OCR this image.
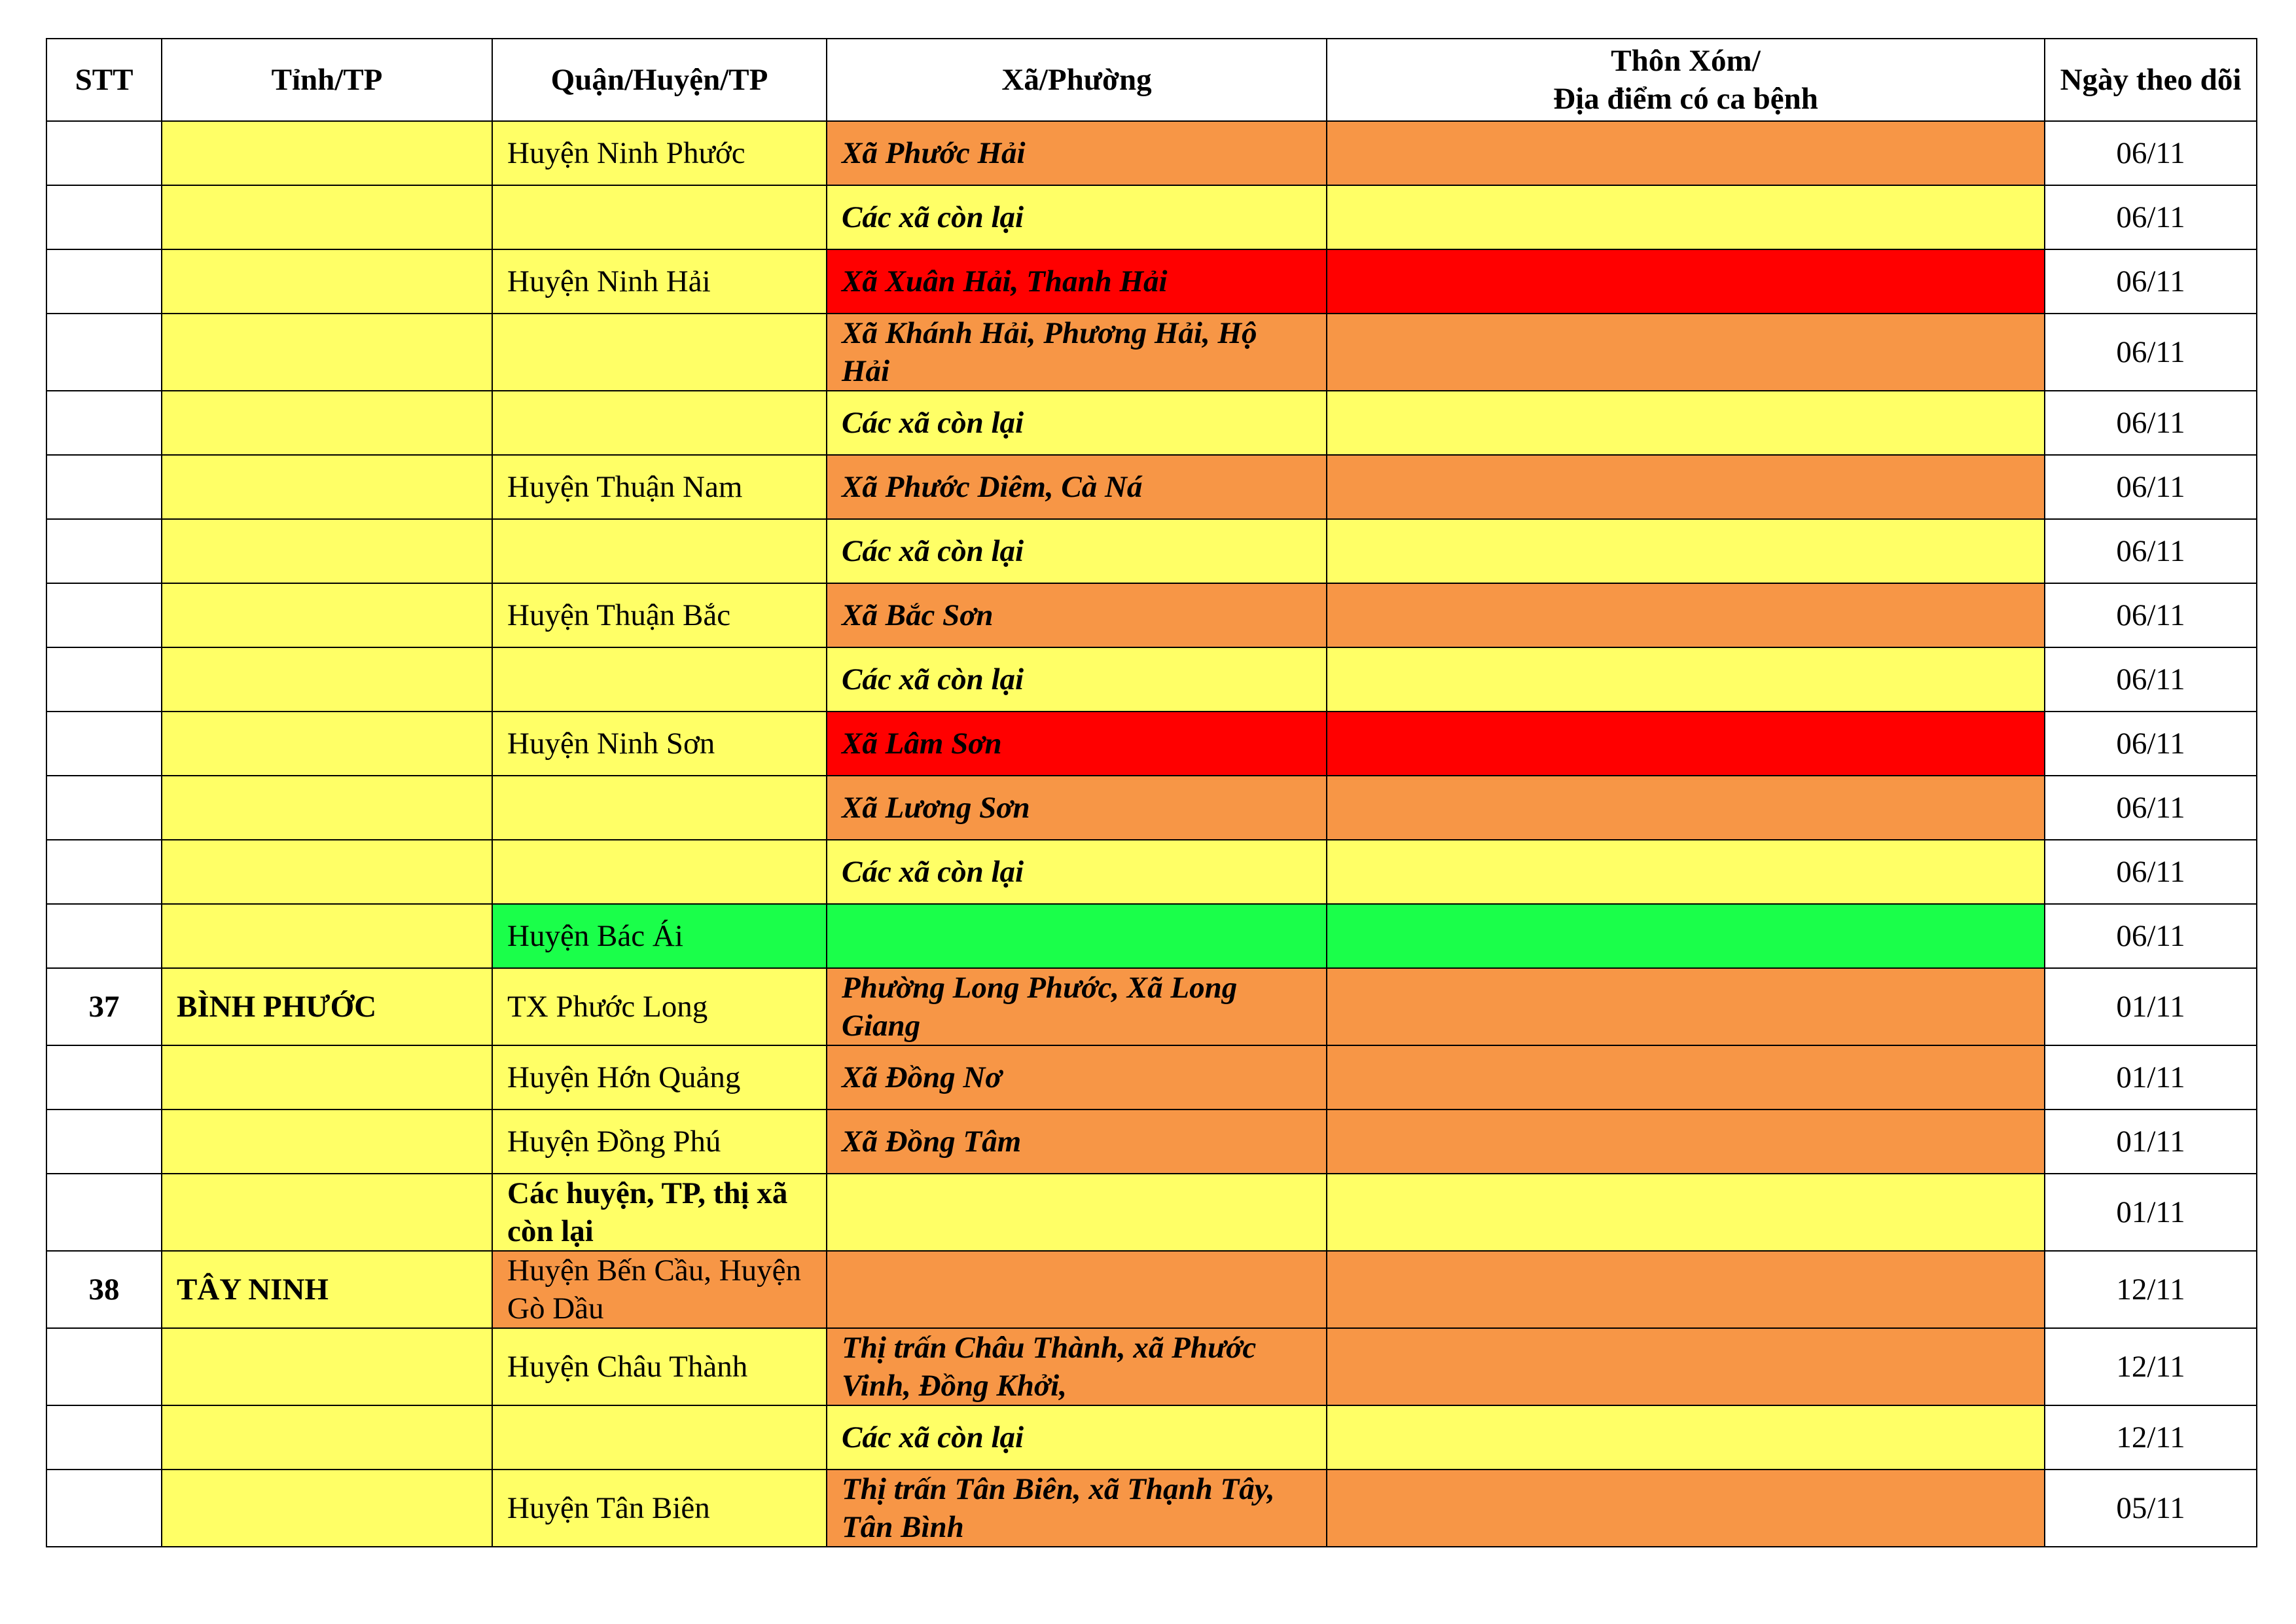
STT	Tỉnh/TP	Quận/Huyện/TP	Xã/Phường	Thôn Xóm/
Địa điểm có ca bệnh	Ngày theo dõi
		Huyện Ninh Phước	Xã Phước Hải		06/11
			Các xã còn lại		06/11
		Huyện Ninh Hải	Xã Xuân Hải, Thanh Hải		06/11
			Xã Khánh Hải, Phương Hải, Hộ Hải		06/11
			Các xã còn lại		06/11
		Huyện Thuận Nam	Xã Phước Diêm, Cà Ná		06/11
			Các xã còn lại		06/11
		Huyện Thuận Bắc	Xã Bắc Sơn		06/11
			Các xã còn lại		06/11
		Huyện Ninh Sơn	Xã Lâm Sơn		06/11
			Xã Lương Sơn		06/11
			Các xã còn lại		06/11
		Huyện Bác Ái			06/11
37	BÌNH PHƯỚC	TX Phước Long	Phường Long Phước, Xã Long Giang		01/11
		Huyện Hớn Quảng	Xã Đồng Nơ		01/11
		Huyện Đồng Phú	Xã Đồng Tâm		01/11
		Các huyện, TP, thị xã còn lại			01/11
38	TÂY NINH	Huyện Bến Cầu, Huyện Gò Dầu			12/11
		Huyện Châu Thành	Thị trấn Châu Thành, xã Phước Vinh, Đồng Khởi,		12/11
			Các xã còn lại		12/11
		Huyện Tân Biên	Thị trấn Tân Biên, xã Thạnh Tây, Tân Bình		05/11
